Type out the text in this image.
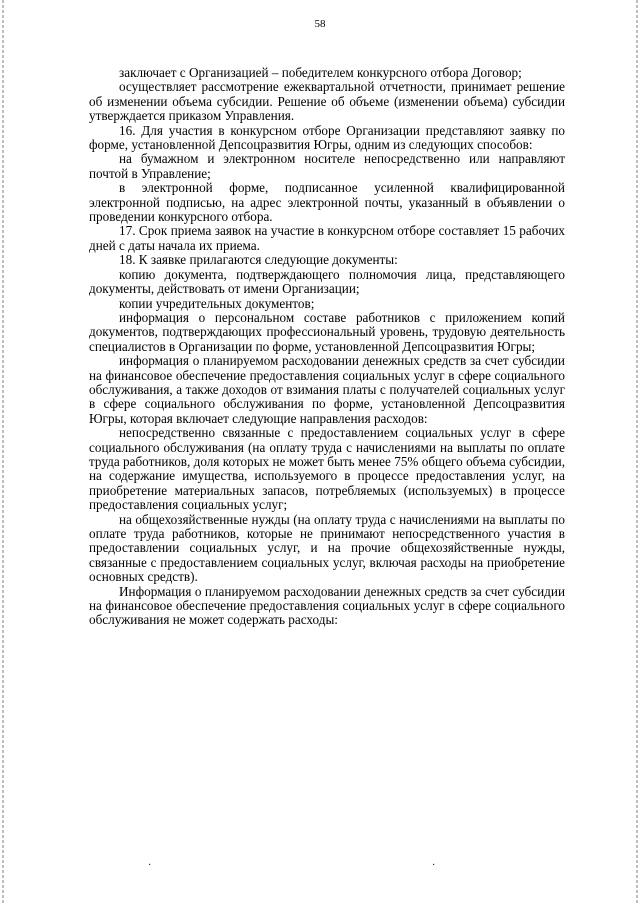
58

заключает с Организацией – победителем конкурсного отбора Договор;

осуществляет рассмотрение ежеквартальной отчетности, принимает решение об изменении объема субсидии. Решение об объеме (изменении объема) субсидии утверждается приказом Управления.

16. Для участия в конкурсном отборе Организации представляют заявку по форме, установленной Депсоцразвития Югры, одним из следующих способов:

на бумажном и электронном носителе непосредственно или направляют почтой в Управление;

в электронной форме, подписанное усиленной квалифицированной электронной подписью, на адрес электронной почты, указанный в объявлении о проведении конкурсного отбора.

17. Срок приема заявок на участие в конкурсном отборе составляет 15 рабочих дней с даты начала их приема.

18. К заявке прилагаются следующие документы:

копию документа, подтверждающего полномочия лица, представляющего документы, действовать от имени Организации;

копии учредительных документов;

информация о персональном составе работников с приложением копий документов, подтверждающих профессиональный уровень, трудовую деятельность специалистов в Организации по форме, установленной Депсоцразвития Югры;

информация о планируемом расходовании денежных средств за счет субсидии на финансовое обеспечение предоставления социальных услуг в сфере социального обслуживания, а также доходов от взимания платы с получателей социальных услуг в сфере социального обслуживания по форме, установленной Депсоцразвития Югры, которая включает следующие направления расходов:

непосредственно связанные с предоставлением социальных услуг в сфере социального обслуживания (на оплату труда с начислениями на выплаты по оплате труда работников, доля которых не может быть менее 75% общего объема субсидии, на содержание имущества, используемого в процессе предоставления услуг, на приобретение материальных запасов, потребляемых (используемых) в процессе предоставления социальных услуг;

на общехозяйственные нужды (на оплату труда с начислениями на выплаты по оплате труда работников, которые не принимают непосредственного участия в предоставлении социальных услуг, и на прочие общехозяйственные нужды, связанные с предоставлением социальных услуг, включая расходы на приобретение основных средств).

Информация о планируемом расходовании денежных средств за счет субсидии на финансовое обеспечение предоставления социальных услуг в сфере социального обслуживания не может содержать расходы:

·	·
